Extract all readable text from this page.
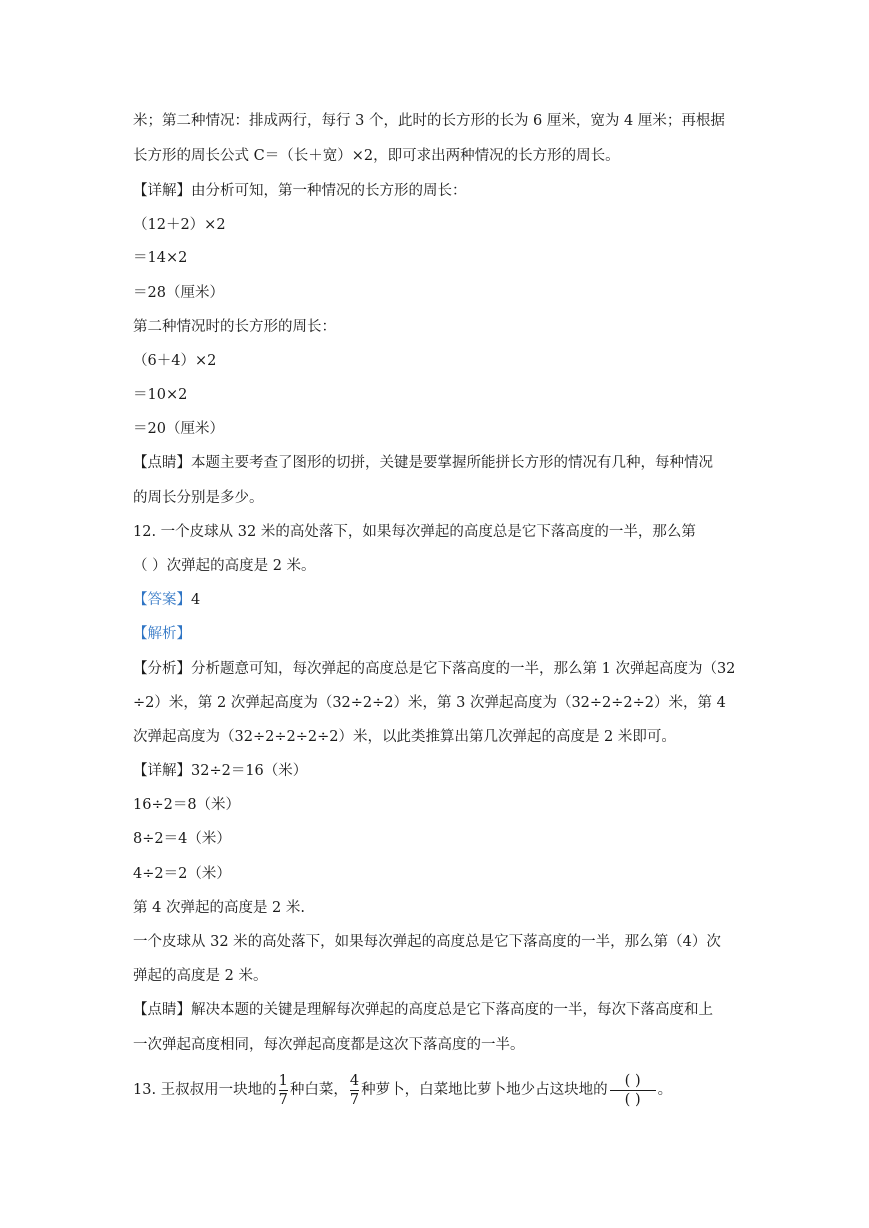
米；第二种情况：排成两行，每行 3 个，此时的长方形的长为 6 厘米，宽为 4 厘米；再根据
长方形的周长公式 C＝（长＋宽）×2，即可求出两种情况的长方形的周长。
【详解】由分析可知，第一种情况的长方形的周长：
（12＋2）×2
＝14×2
＝28（厘米）
第二种情况时的长方形的周长：
（6＋4）×2
＝10×2
＝20（厘米）
【点睛】本题主要考查了图形的切拼，关键是要掌握所能拼长方形的情况有几种，每种情况
的周长分别是多少。
12. 一个皮球从 32 米的高处落下，如果每次弹起的高度总是它下落高度的一半，那么第
（ ）次弹起的高度是 2 米。
【答案】4
【解析】
【分析】分析题意可知，每次弹起的高度总是它下落高度的一半，那么第 1 次弹起高度为（32
÷2）米，第 2 次弹起高度为（32÷2÷2）米，第 3 次弹起高度为（32÷2÷2÷2）米，第 4
次弹起高度为（32÷2÷2÷2÷2）米，以此类推算出第几次弹起的高度是 2 米即可。
【详解】32÷2＝16（米）
16÷2＝8（米）
8÷2＝4（米）
4÷2＝2（米）
第 4 次弹起的高度是 2 米.
一个皮球从 32 米的高处落下，如果每次弹起的高度总是它下落高度的一半，那么第（4）次
弹起的高度是 2 米。
【点睛】解决本题的关键是理解每次弹起的高度总是它下落高度的一半，每次下落高度和上
一次弹起高度相同，每次弹起高度都是这次下落高度的一半。
13. 王叔叔用一块地的 $\frac{1}{7}$ 种白菜， $\frac{4}{7}$ 种萝卜，白菜地比萝卜地少占这块地的 $\frac{( )}{( )}$ 。
